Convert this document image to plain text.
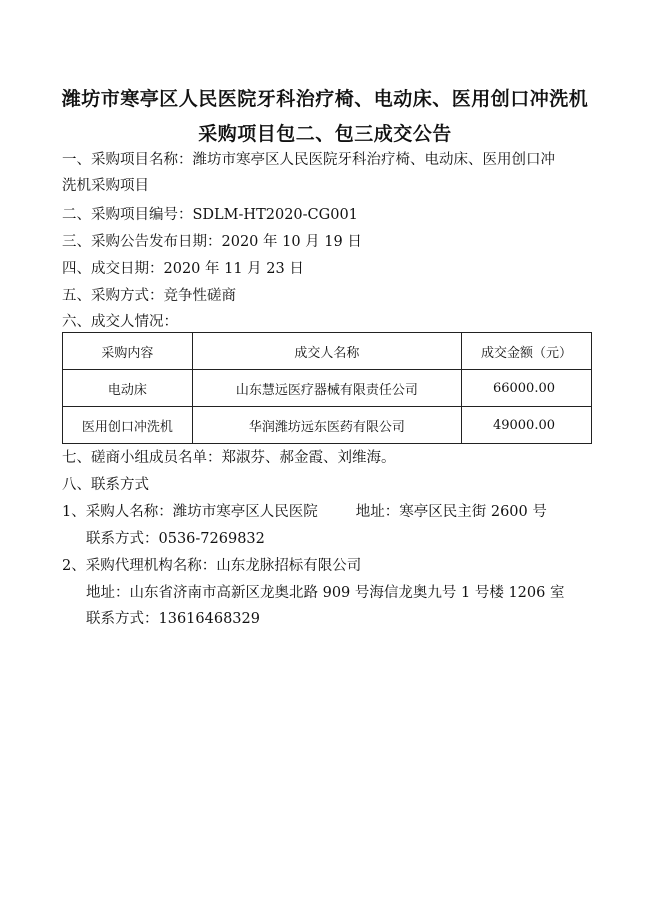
潍坊市寒亭区人民医院牙科治疗椅、电动床、医用创口冲洗机
采购项目包二、包三成交公告
一、采购项目名称：潍坊市寒亭区人民医院牙科治疗椅、电动床、医用创口冲
洗机采购项目
二、采购项目编号：SDLM-HT2020-CG001
三、采购公告发布日期：2020 年 10 月 19 日
四、成交日期：2020 年 11 月 23 日
五、采购方式：竞争性磋商
六、成交人情况：
采购内容	成交人名称	成交金额（元）
电动床	山东慧远医疗器械有限责任公司	66000.00
医用创口冲洗机	华润潍坊远东医药有限公司	49000.00
七、磋商小组成员名单：郑淑芬、郝金霞、刘维海。
八、联系方式
1、采购人名称：潍坊市寒亭区人民医院	地址：寒亭区民主街 2600 号
联系方式：0536-7269832
2、采购代理机构名称：山东龙脉招标有限公司
地址：山东省济南市高新区龙奥北路 909 号海信龙奥九号 1 号楼 1206 室
联系方式：13616468329
